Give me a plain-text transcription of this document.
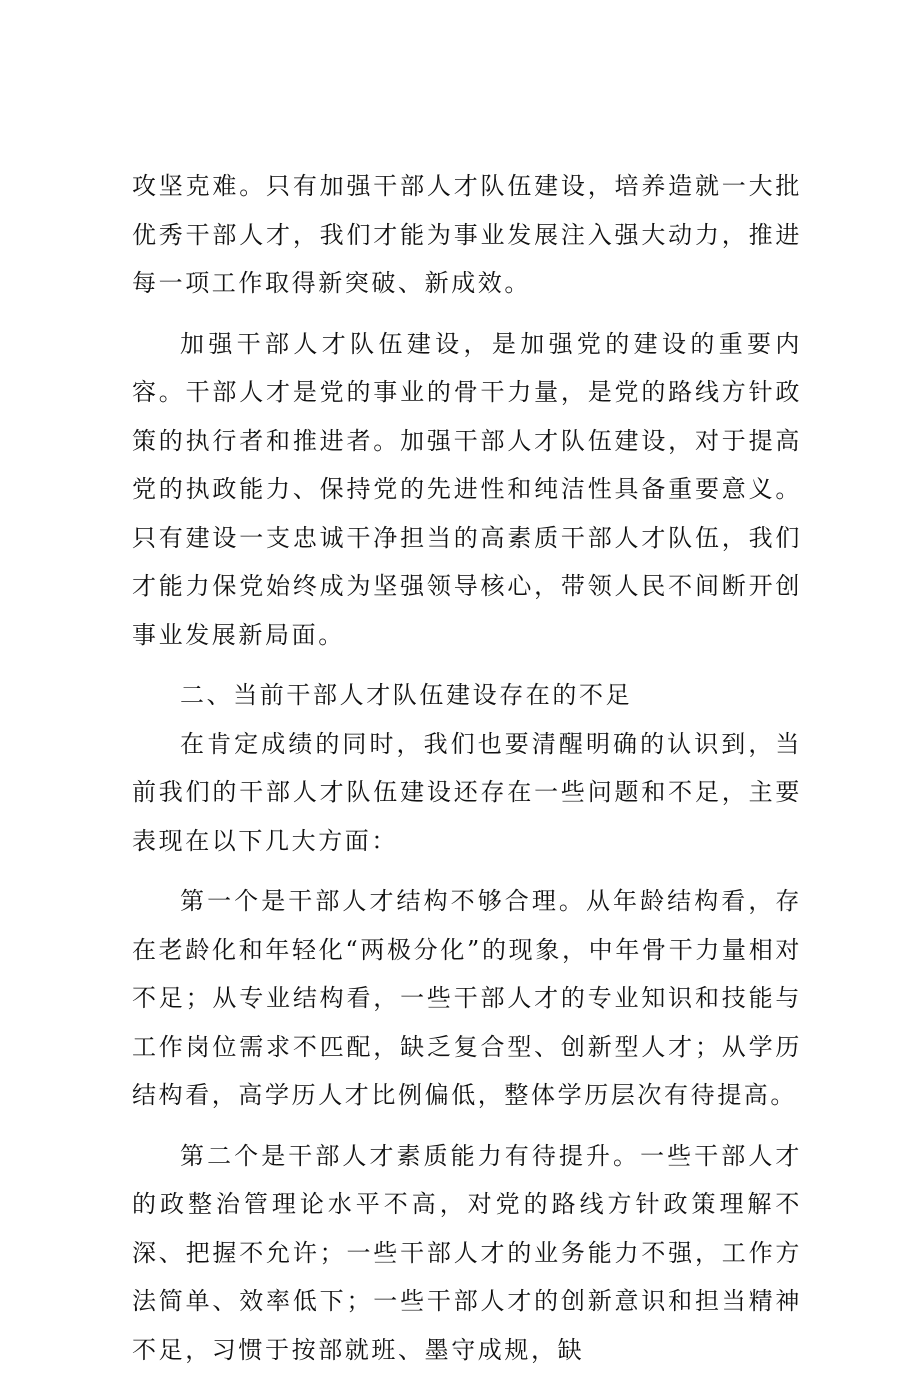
攻坚克难。只有加强干部人才队伍建设，培养造就一大批优秀干部人才，我们才能为事业发展注入强大动力，推进每一项工作取得新突破、新成效。

加强干部人才队伍建设，是加强党的建设的重要内容。干部人才是党的事业的骨干力量，是党的路线方针政策的执行者和推进者。加强干部人才队伍建设，对于提高党的执政能力、保持党的先进性和纯洁性具备重要意义。只有建设一支忠诚干净担当的高素质干部人才队伍，我们才能力保党始终成为坚强领导核心，带领人民不间断开创事业发展新局面。

二、当前干部人才队伍建设存在的不足

在肯定成绩的同时，我们也要清醒明确的认识到，当前我们的干部人才队伍建设还存在一些问题和不足，主要表现在以下几大方面：

第一个是干部人才结构不够合理。从年龄结构看，存在老龄化和年轻化“两极分化”的现象，中年骨干力量相对不足；从专业结构看，一些干部人才的专业知识和技能与工作岗位需求不匹配，缺乏复合型、创新型人才；从学历结构看，高学历人才比例偏低，整体学历层次有待提高。

第二个是干部人才素质能力有待提升。一些干部人才的政整治管理论水平不高，对党的路线方针政策理解不深、把握不允许；一些干部人才的业务能力不强，工作方法简单、效率低下；一些干部人才的创新意识和担当精神不足，习惯于按部就班、墨守成规，缺
